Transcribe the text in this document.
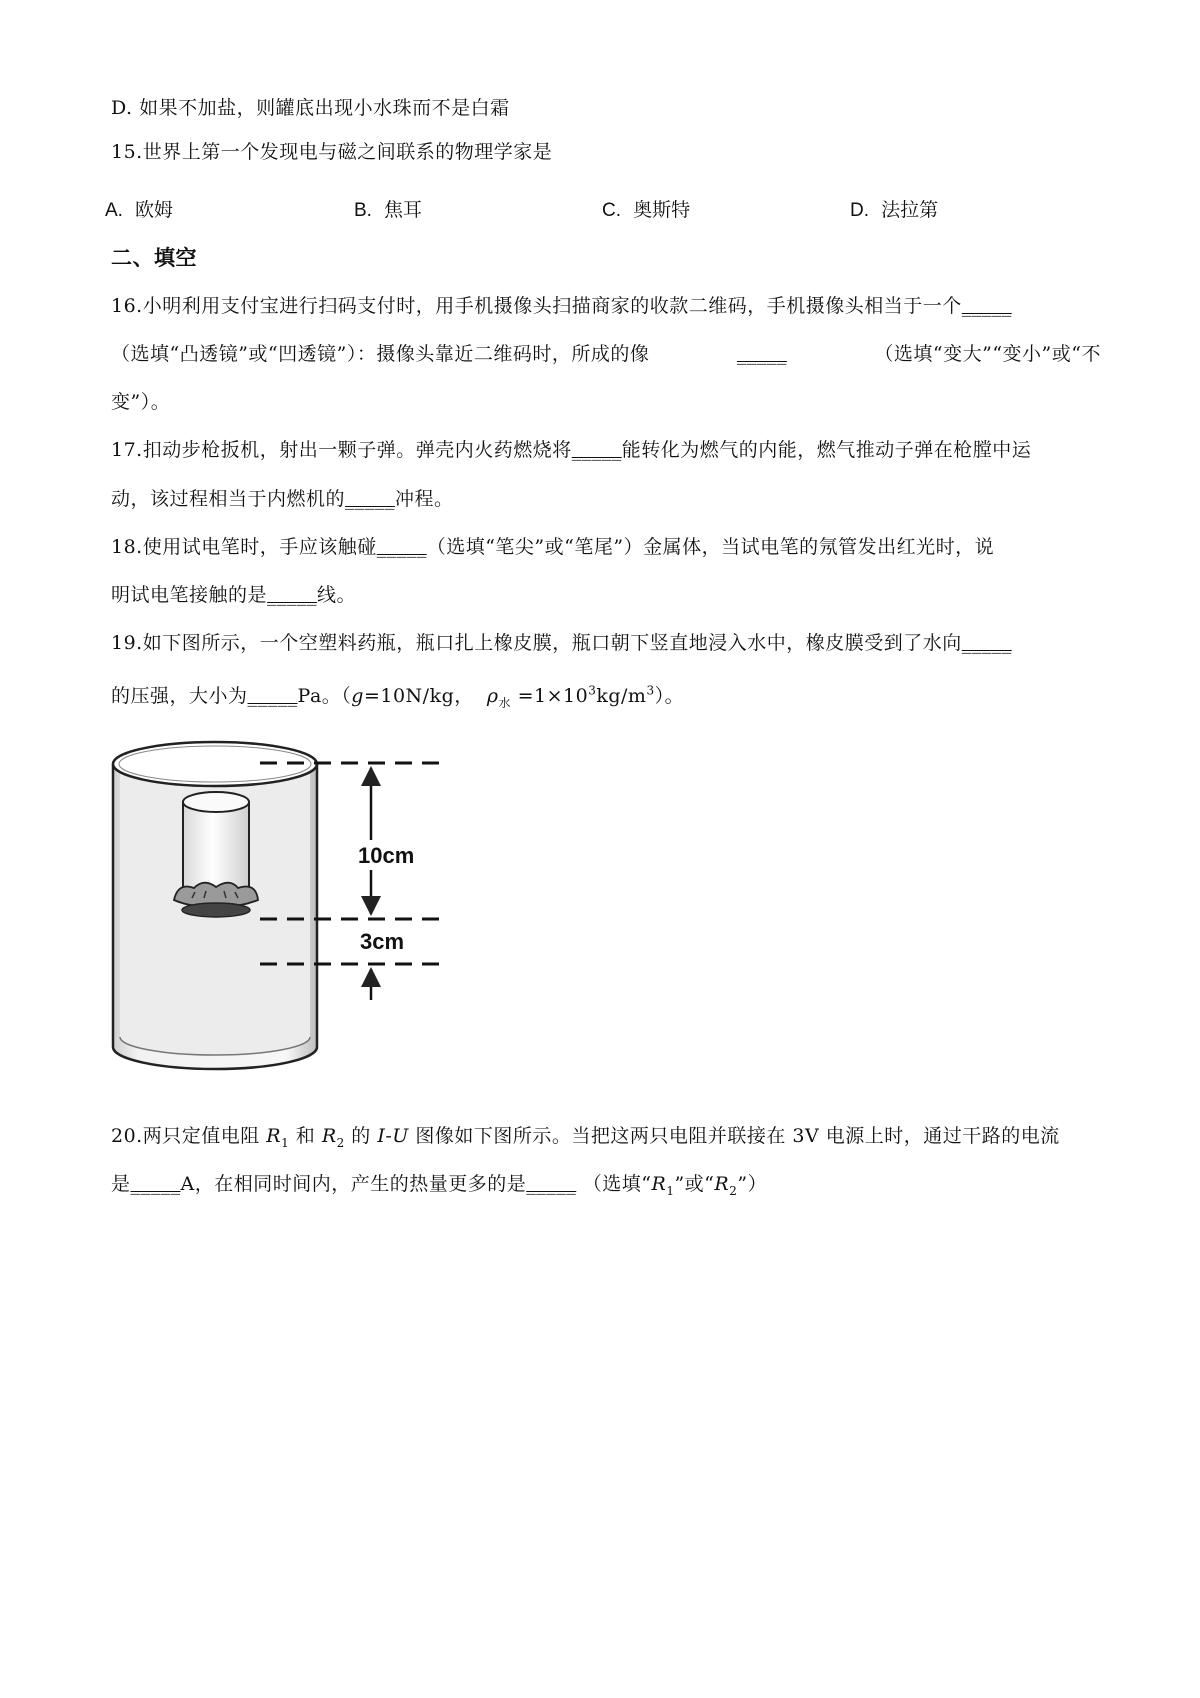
D. 如果不加盐，则罐底出现小水珠而不是白霜
15.世界上第一个发现电与磁之间联系的物理学家是
A. 欧姆	B. 焦耳	C. 奥斯特	D. 法拉第
二、填空
16.小明利用支付宝进行扫码支付时，用手机摄像头扫描商家的收款二维码，手机摄像头相当于一个_____
（选填“凸透镜”或“凹透镜”）：摄像头靠近二维码时，所成的像	_____	（选填“变大”“变小”或“不
变”）。
17.扣动步枪扳机，射出一颗子弹。弹壳内火药燃烧将_____能转化为燃气的内能，燃气推动子弹在枪膛中运
动，该过程相当于内燃机的_____冲程。
18.使用试电笔时，手应该触碰_____（选填“笔尖”或“笔尾”）金属体，当试电笔的氖管发出红光时，说
明试电笔接触的是_____线。
19.如下图所示，一个空塑料药瓶，瓶口扎上橡皮膜，瓶口朝下竖直地浸入水中，橡皮膜受到了水向_____
的压强，大小为_____Pa。（g=10N/kg， $\rho_水 =1\times 10^3kg/m^3$）。
10cm
3cm
20.两只定值电阻 $R_1$ 和 $R_2$ 的 I-U 图像如下图所示。当把这两只电阻并联接在 3V 电源上时，通过干路的电流
是_____A，在相同时间内，产生的热量更多的是_____ （选填“$R_1$”或“$R_2$”）
